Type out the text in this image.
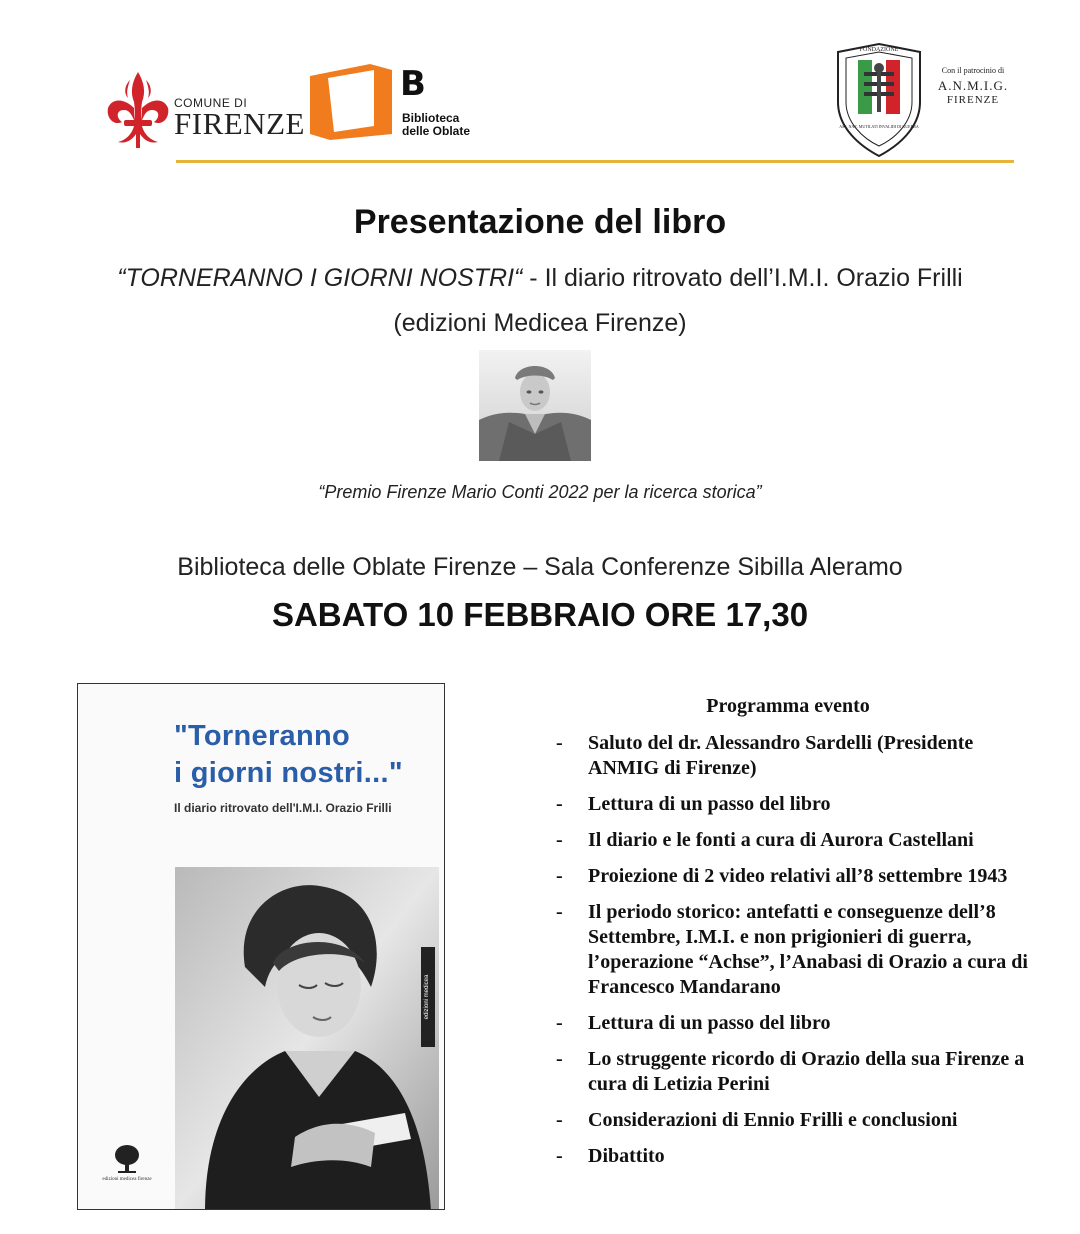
COMUNE DI
FIRENZE
B
Biblioteca
delle Oblate
FONDAZIONE
ASS. NAZ. MUTILATI INVALIDI DI GUERRA
Con il patrocinio di
A.N.M.I.G.
FIRENZE
Presentazione del libro
“TORNERANNO I GIORNI NOSTRI“ - Il diario ritrovato dell’I.M.I. Orazio Frilli
(edizioni Medicea Firenze)
“Premio Firenze Mario Conti 2022 per la ricerca storica”
Biblioteca delle Oblate Firenze – Sala Conferenze Sibilla Aleramo
SABATO 10 FEBBRAIO ORE 17,30
"Torneranno
i giorni nostri..."
Il diario ritrovato dell'I.M.I. Orazio Frilli
edizioni medicea
edizioni medicea firenze
Programma evento
- Saluto del dr. Alessandro Sardelli (Presidente ANMIG di Firenze)
- Lettura di un passo del libro
- Il diario e le fonti a cura di Aurora Castellani
- Proiezione di 2 video relativi all’8 settembre 1943
- Il periodo storico: antefatti e conseguenze dell’8 Settembre, I.M.I. e non prigionieri di guerra, l’operazione “Achse”, l’Anabasi di Orazio a cura di Francesco Mandarano
- Lettura di un passo del libro
- Lo struggente ricordo di Orazio della sua Firenze a cura di Letizia Perini
- Considerazioni di Ennio Frilli e conclusioni
- Dibattito
